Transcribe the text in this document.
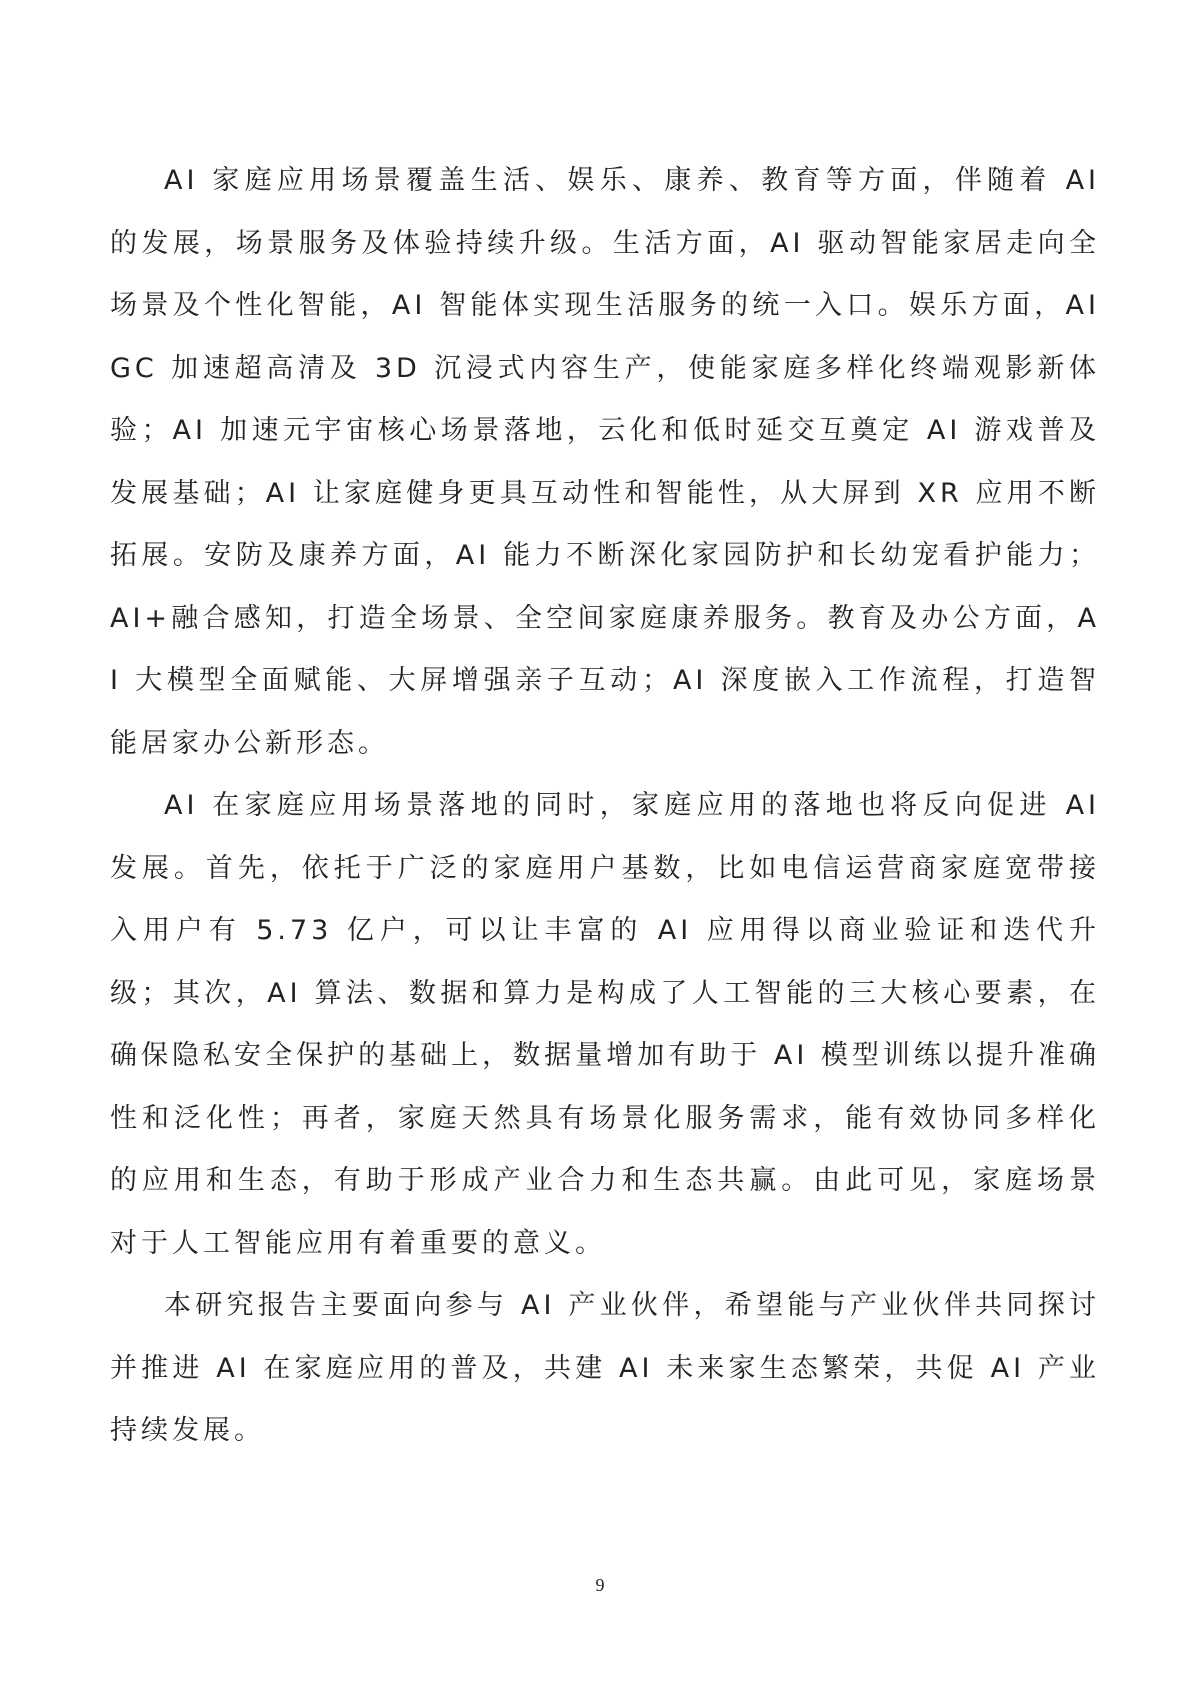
AI 家庭应用场景覆盖生活、娱乐、康养、教育等方面，伴随着 AI 的发展，场景服务及体验持续升级。生活方面，AI 驱动智能家居走向全场景及个性化智能，AI 智能体实现生活服务的统一入口。娱乐方面，AIGC 加速超高清及 3D 沉浸式内容生产，使能家庭多样化终端观影新体验；AI 加速元宇宙核心场景落地，云化和低时延交互奠定 AI 游戏普及发展基础；AI 让家庭健身更具互动性和智能性，从大屏到 XR 应用不断拓展。安防及康养方面，AI 能力不断深化家园防护和长幼宠看护能力；AI+融合感知，打造全场景、全空间家庭康养服务。教育及办公方面，AI 大模型全面赋能、大屏增强亲子互动；AI 深度嵌入工作流程，打造智能居家办公新形态。

AI 在家庭应用场景落地的同时，家庭应用的落地也将反向促进 AI 发展。首先，依托于广泛的家庭用户基数，比如电信运营商家庭宽带接入用户有 5.73 亿户，可以让丰富的 AI 应用得以商业验证和迭代升级；其次，AI 算法、数据和算力是构成了人工智能的三大核心要素，在确保隐私安全保护的基础上，数据量增加有助于 AI 模型训练以提升准确性和泛化性；再者，家庭天然具有场景化服务需求，能有效协同多样化的应用和生态，有助于形成产业合力和生态共赢。由此可见，家庭场景对于人工智能应用有着重要的意义。

本研究报告主要面向参与 AI 产业伙伴，希望能与产业伙伴共同探讨并推进 AI 在家庭应用的普及，共建 AI 未来家生态繁荣，共促 AI 产业持续发展。

9
